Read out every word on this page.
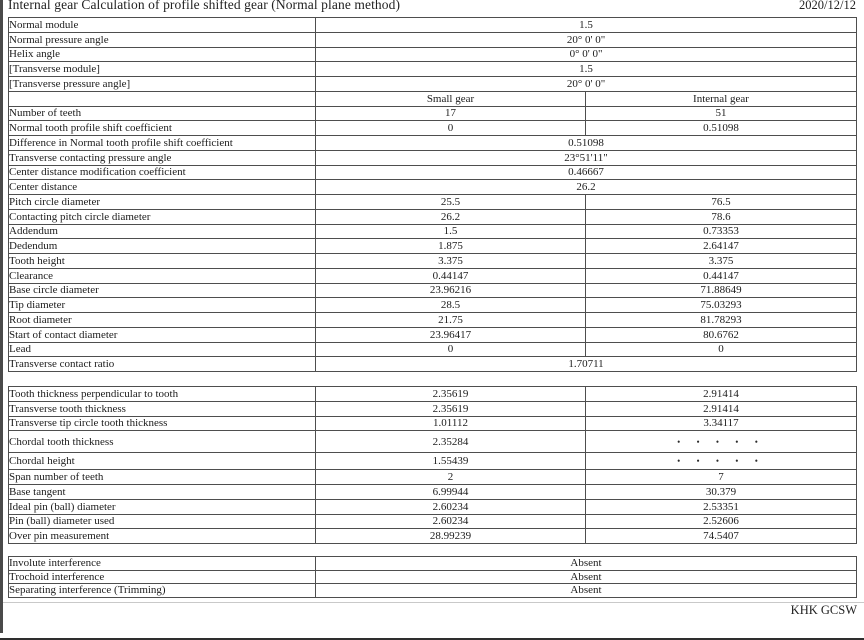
Internal gear Calculation of profile shifted gear (Normal plane method)	2020/12/12
Normal module	1.5	
Normal pressure angle	20° 0' 0"	
Helix angle	0° 0' 0"	
[Transverse module]	1.5	
[Transverse pressure angle]	20° 0' 0"	
	Small gear	Internal gear
Number of teeth	17	51
Normal tooth profile shift coefficient	0	0.51098
Difference in Normal tooth profile shift coefficient	0.51098	
Transverse contacting pressure angle	23°51'11"	
Center distance modification coefficient	0.46667	
Center distance	26.2	
Pitch circle diameter	25.5	76.5
Contacting pitch circle diameter	26.2	78.6
Addendum	1.5	0.73353
Dedendum	1.875	2.64147
Tooth height	3.375	3.375
Clearance	0.44147	0.44147
Base circle diameter	23.96216	71.88649
Tip diameter	28.5	75.03293
Root diameter	21.75	81.78293
Start of contact diameter	23.96417	80.6762
Lead	0	0
Transverse contact ratio	1.70711	
Tooth thickness perpendicular to tooth	2.35619	2.91414
Transverse tooth thickness	2.35619	2.91414
Transverse tip circle tooth thickness	1.01112	3.34117
Chordal tooth thickness	2.35284	• • • • •
Chordal height	1.55439	• • • • •
Span number of teeth	2	7
Base tangent	6.99944	30.379
Ideal pin (ball) diameter	2.60234	2.53351
Pin (ball) diameter used	2.60234	2.52606
Over pin measurement	28.99239	74.5407
Involute interference	Absent
Trochoid interference	Absent
Separating interference (Trimming)	Absent
KHK GCSW
